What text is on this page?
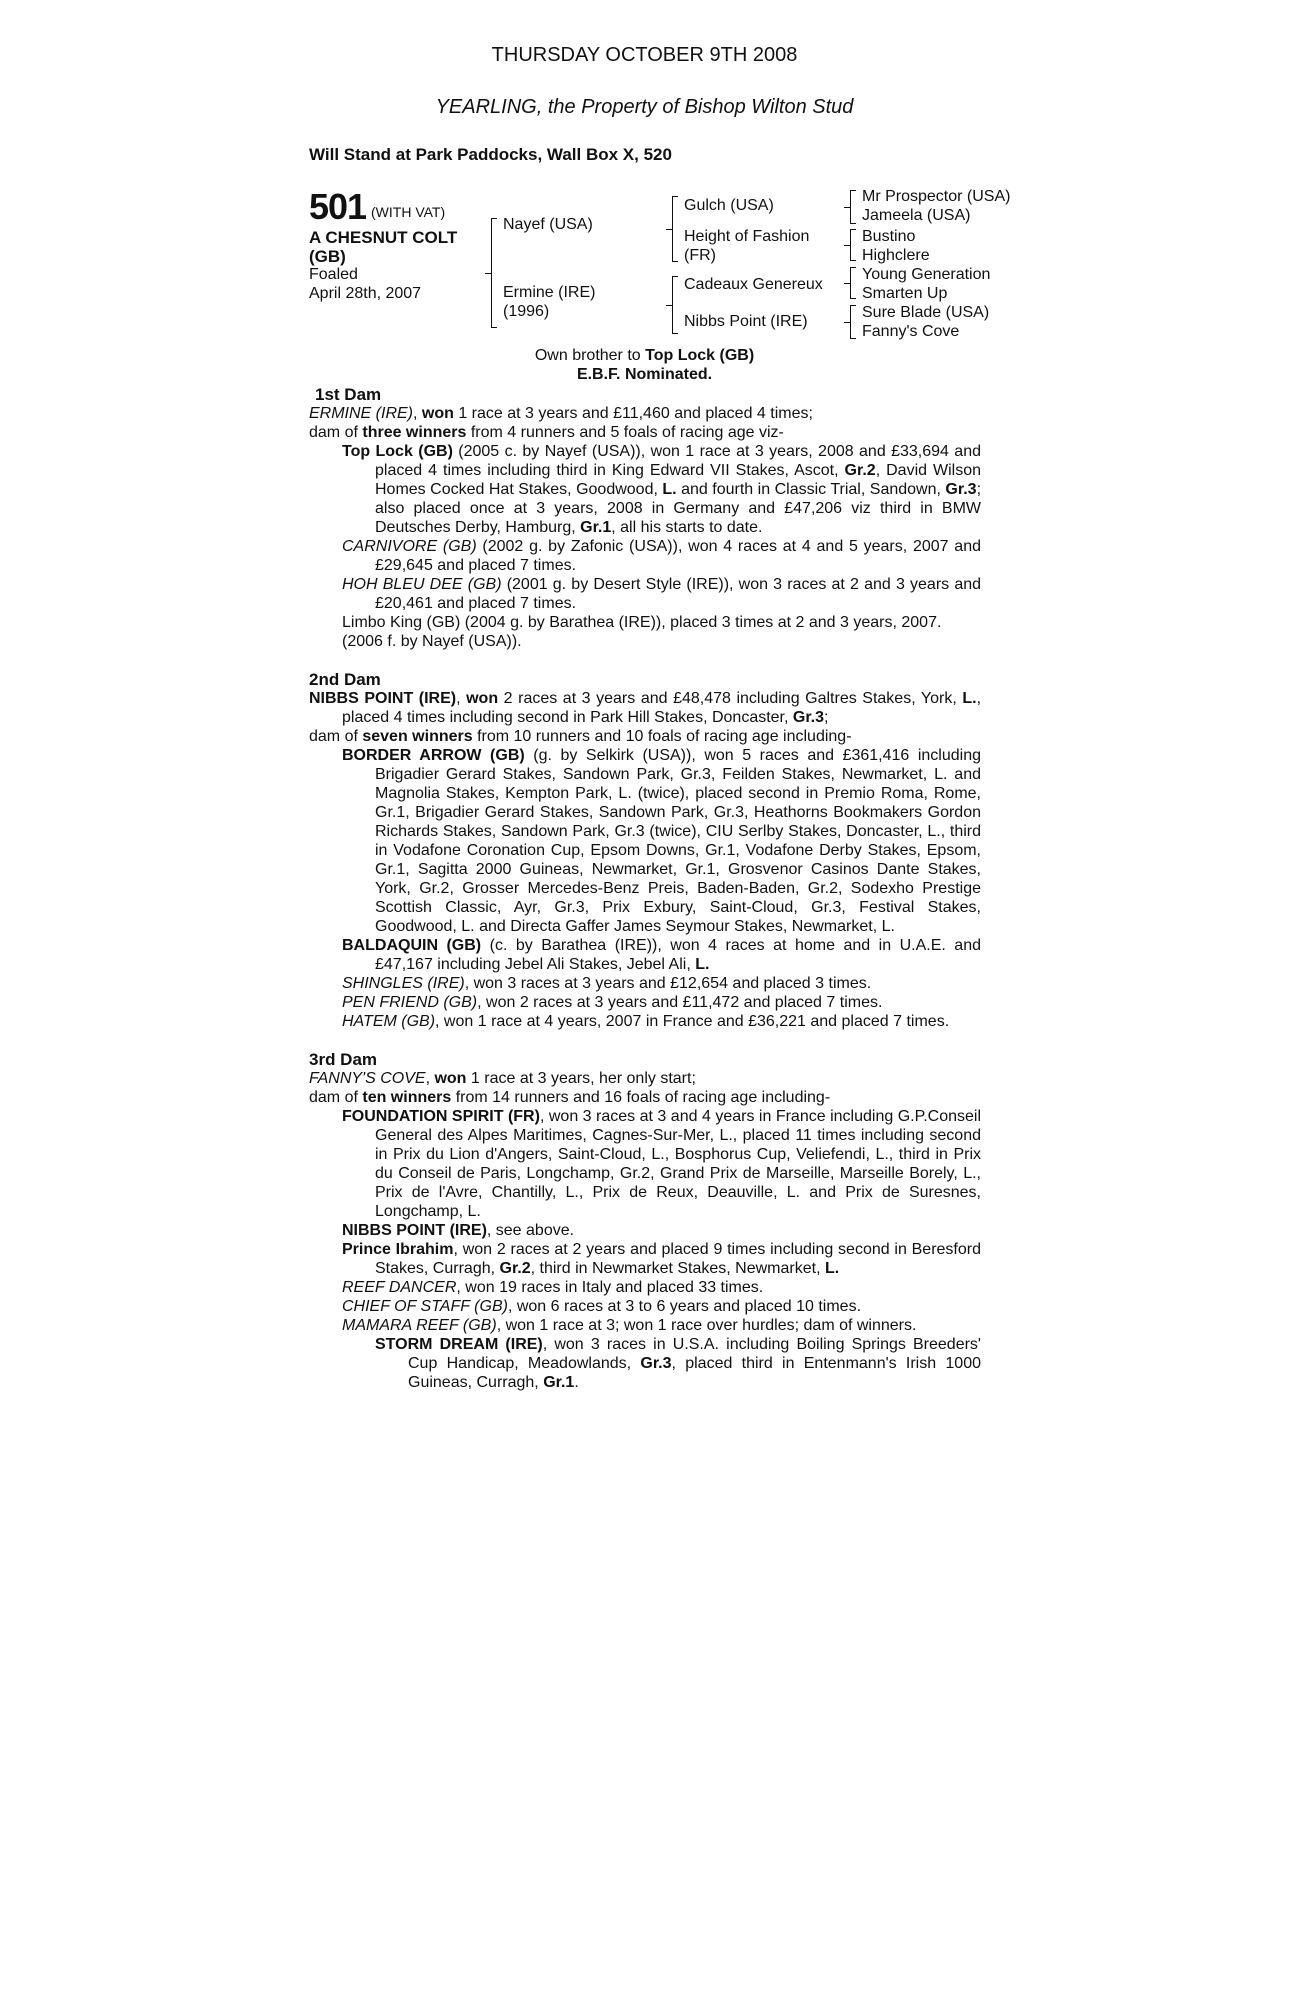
THURSDAY OCTOBER 9TH 2008
YEARLING, the Property of Bishop Wilton Stud
Will Stand at Park Paddocks, Wall Box X, 520
501 (WITH VAT)
A CHESNUT COLT
(GB)
Foaled
April 28th, 2007
Nayef (USA)
Ermine (IRE)
(1996)
Gulch (USA)
Height of Fashion
(FR)
Cadeaux Genereux
Nibbs Point (IRE)
Mr Prospector (USA)
Jameela (USA)
Bustino
Highclere
Young Generation
Smarten Up
Sure Blade (USA)
Fanny's Cove
Own brother to Top Lock (GB)
E.B.F. Nominated.

1st Dam

ERMINE (IRE), won 1 race at 3 years and £11,460 and placed 4 times;

dam of three winners from 4 runners and 5 foals of racing age viz-

Top Lock (GB) (2005 c. by Nayef (USA)), won 1 race at 3 years, 2008 and £33,694 and placed 4 times including third in King Edward VII Stakes, Ascot, Gr.2, David Wilson Homes Cocked Hat Stakes, Goodwood, L. and fourth in Classic Trial, Sandown, Gr.3; also placed once at 3 years, 2008 in Germany and £47,206 viz third in BMW Deutsches Derby, Hamburg, Gr.1, all his starts to date.

CARNIVORE (GB) (2002 g. by Zafonic (USA)), won 4 races at 4 and 5 years, 2007 and £29,645 and placed 7 times.

HOH BLEU DEE (GB) (2001 g. by Desert Style (IRE)), won 3 races at 2 and 3 years and £20,461 and placed 7 times.

Limbo King (GB) (2004 g. by Barathea (IRE)), placed 3 times at 2 and 3 years, 2007.

(2006 f. by Nayef (USA)).

2nd Dam

NIBBS POINT (IRE), won 2 races at 3 years and £48,478 including Galtres Stakes, York, L., placed 4 times including second in Park Hill Stakes, Doncaster, Gr.3;

dam of seven winners from 10 runners and 10 foals of racing age including-

BORDER ARROW (GB) (g. by Selkirk (USA)), won 5 races and £361,416 including Brigadier Gerard Stakes, Sandown Park, Gr.3, Feilden Stakes, Newmarket, L. and Magnolia Stakes, Kempton Park, L. (twice), placed second in Premio Roma, Rome, Gr.1, Brigadier Gerard Stakes, Sandown Park, Gr.3, Heathorns Bookmakers Gordon Richards Stakes, Sandown Park, Gr.3 (twice), CIU Serlby Stakes, Doncaster, L., third in Vodafone Coronation Cup, Epsom Downs, Gr.1, Vodafone Derby Stakes, Epsom, Gr.1, Sagitta 2000 Guineas, Newmarket, Gr.1, Grosvenor Casinos Dante Stakes, York, Gr.2, Grosser Mercedes-Benz Preis, Baden-Baden, Gr.2, Sodexho Prestige Scottish Classic, Ayr, Gr.3, Prix Exbury, Saint-Cloud, Gr.3, Festival Stakes, Goodwood, L. and Directa Gaffer James Seymour Stakes, Newmarket, L.

BALDAQUIN (GB) (c. by Barathea (IRE)), won 4 races at home and in U.A.E. and £47,167 including Jebel Ali Stakes, Jebel Ali, L.

SHINGLES (IRE), won 3 races at 3 years and £12,654 and placed 3 times.

PEN FRIEND (GB), won 2 races at 3 years and £11,472 and placed 7 times.

HATEM (GB), won 1 race at 4 years, 2007 in France and £36,221 and placed 7 times.

3rd Dam

FANNY'S COVE, won 1 race at 3 years, her only start;

dam of ten winners from 14 runners and 16 foals of racing age including-

FOUNDATION SPIRIT (FR), won 3 races at 3 and 4 years in France including G.P.Conseil General des Alpes Maritimes, Cagnes-Sur-Mer, L., placed 11 times including second in Prix du Lion d'Angers, Saint-Cloud, L., Bosphorus Cup, Veliefendi, L., third in Prix du Conseil de Paris, Longchamp, Gr.2, Grand Prix de Marseille, Marseille Borely, L., Prix de l'Avre, Chantilly, L., Prix de Reux, Deauville, L. and Prix de Suresnes, Longchamp, L.

NIBBS POINT (IRE), see above.

Prince Ibrahim, won 2 races at 2 years and placed 9 times including second in Beresford Stakes, Curragh, Gr.2, third in Newmarket Stakes, Newmarket, L.

REEF DANCER, won 19 races in Italy and placed 33 times.

CHIEF OF STAFF (GB), won 6 races at 3 to 6 years and placed 10 times.

MAMARA REEF (GB), won 1 race at 3; won 1 race over hurdles; dam of winners.

STORM DREAM (IRE), won 3 races in U.S.A. including Boiling Springs Breeders' Cup Handicap, Meadowlands, Gr.3, placed third in Entenmann's Irish 1000 Guineas, Curragh, Gr.1.
